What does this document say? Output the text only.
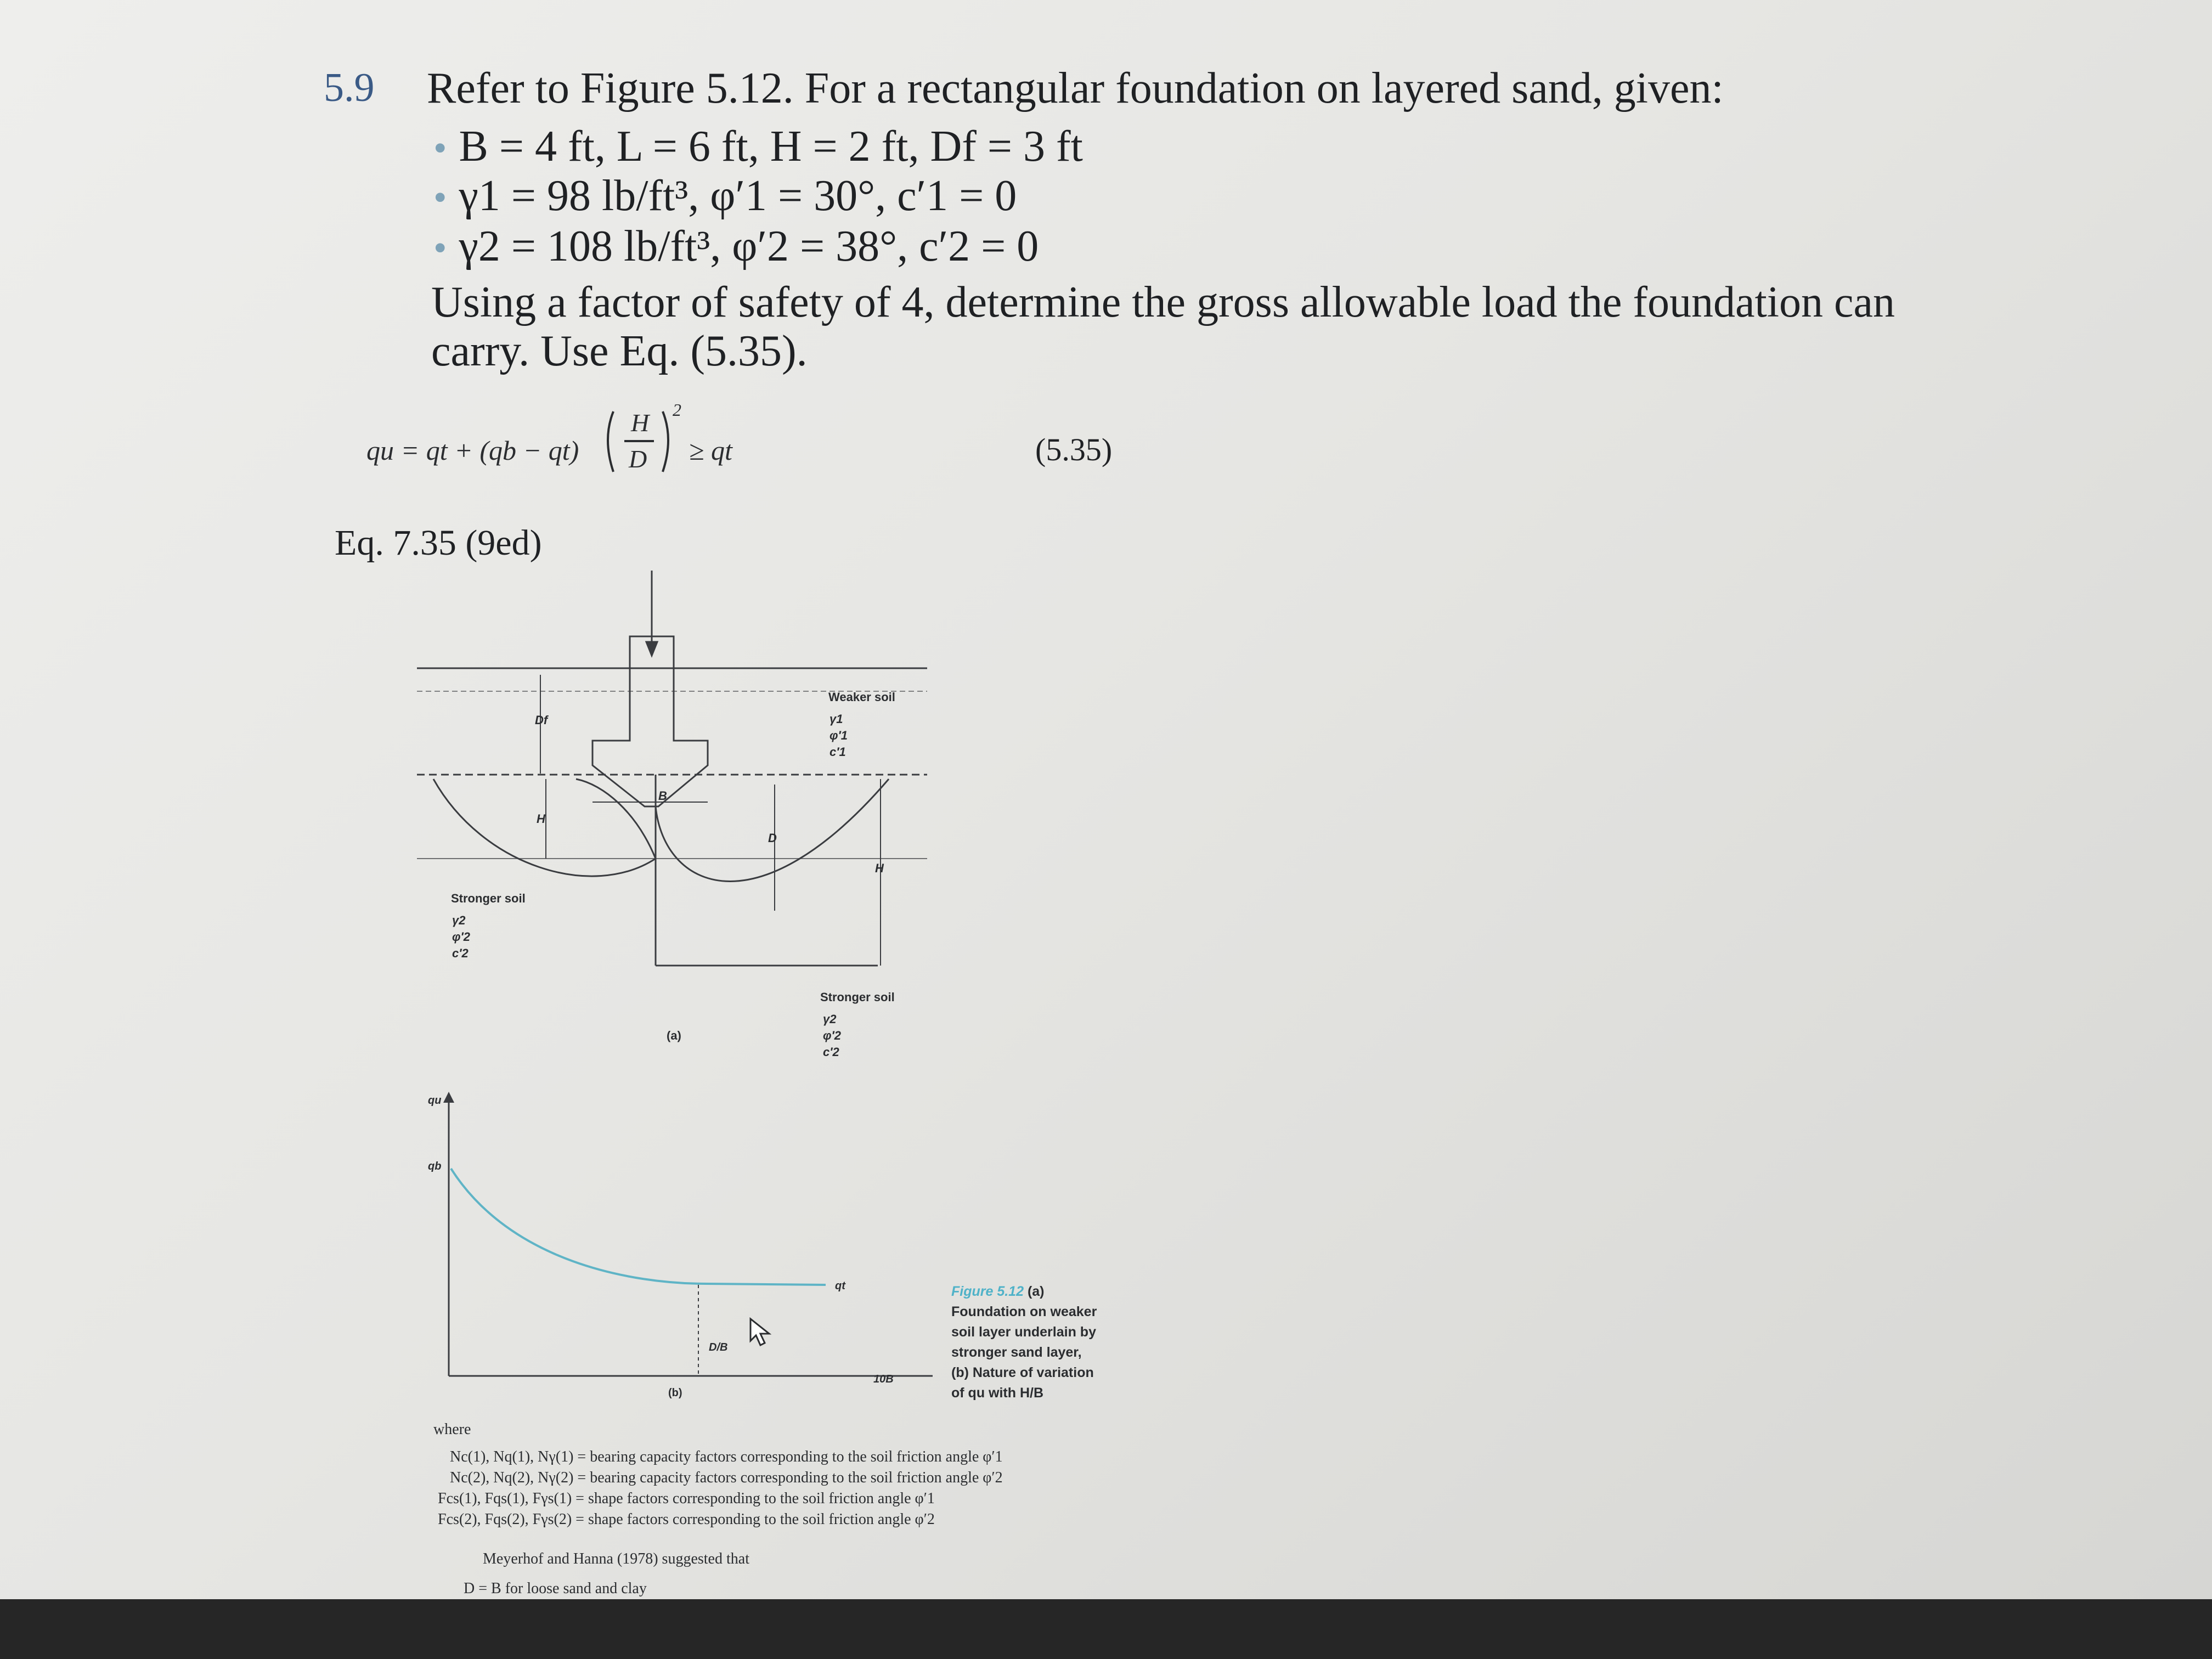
5.9 Refer to Figure 5.12. For a rectangular foundation on layered sand, given:
• B = 4 ft, L = 6 ft, H = 2 ft, Df = 3 ft
• γ1 = 98 lb/ft³, φ′1 = 30°, c′1 = 0
• γ2 = 108 lb/ft³, φ′2 = 38°, c′2 = 0
Using a factor of safety of 4, determine the gross allowable load the foundation can
carry. Use Eq. (5.35).
(5.35)
Eq. 7.35 (9ed)
qu = qt + (qb − qt)
H
D
2
≥ qt
Weaker soil
γ1
φ′1
c′1
Stronger soil
γ2
φ′2
c′2
Stronger soil
γ2
φ′2
c′2
Df
H
B
D
H
(a)
qu
qb
qt
D/B
10B
(b)
Figure 5.12 (a)
Foundation on weaker
soil layer underlain by
stronger sand layer,
(b) Nature of variation
of qu with H/B
where
Nc(1), Nq(1), Nγ(1) = bearing capacity factors corresponding to the soil friction angle φ′1
Nc(2), Nq(2), Nγ(2) = bearing capacity factors corresponding to the soil friction angle φ′2
Fcs(1), Fqs(1), Fγs(1) = shape factors corresponding to the soil friction angle φ′1
Fcs(2), Fqs(2), Fγs(2) = shape factors corresponding to the soil friction angle φ′2
Meyerhof and Hanna (1978) suggested that
D = B for loose sand and clay
